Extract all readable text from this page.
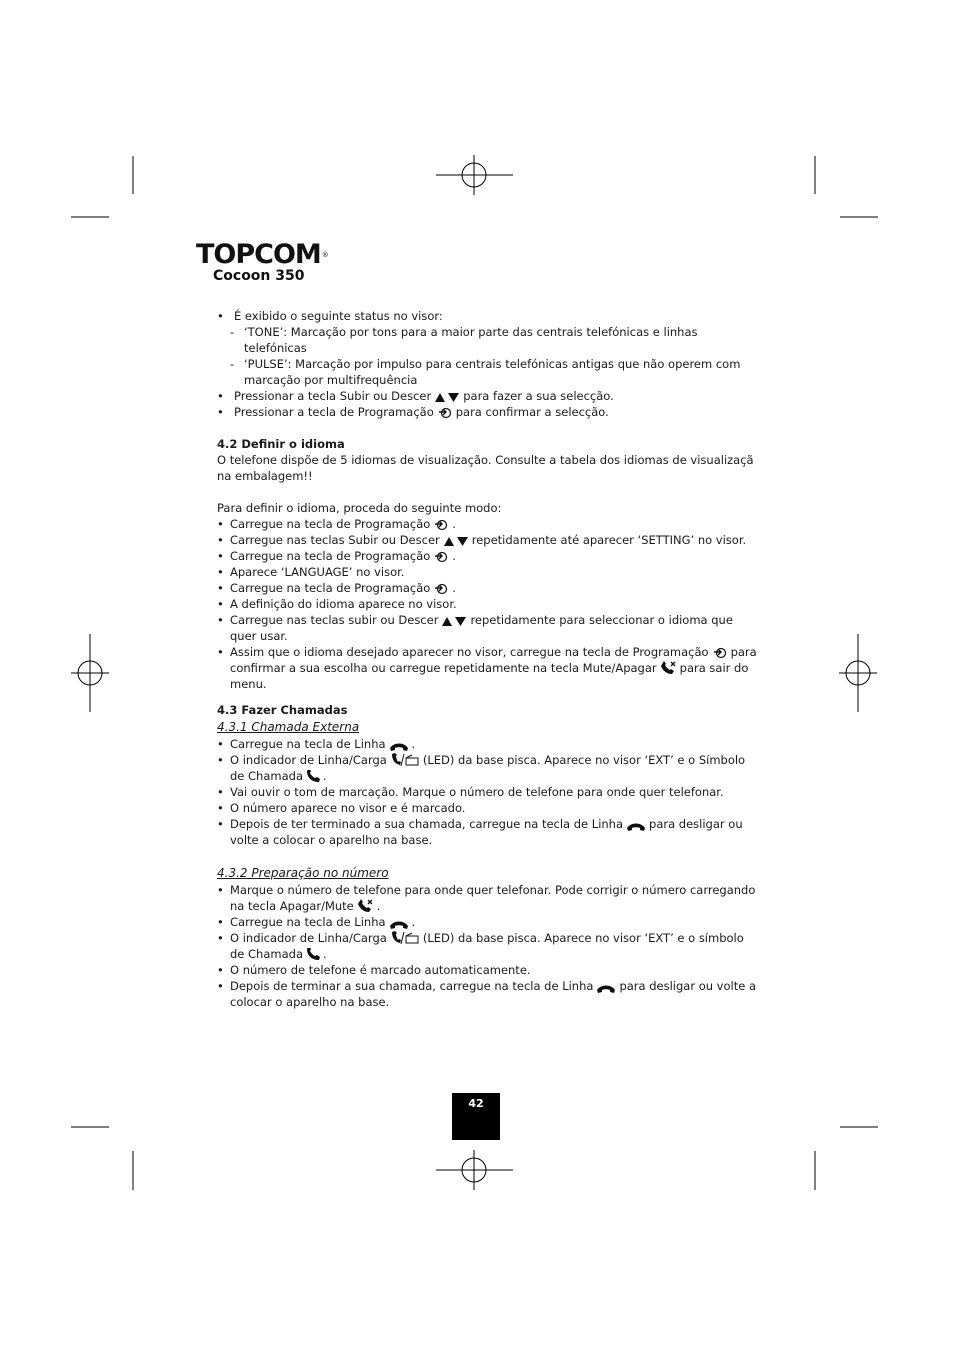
TOPCOM®
Cocoon 350
• É exibido o seguinte status no visor:
- ‘TONE’: Marcação por tons para a maior parte das centrais telefónicas e linhas telefónicas
- ‘PULSE’: Marcação por impulso para centrais telefónicas antigas que não operem com marcação por multifrequência
• Pressionar a tecla Subir ou Descer	para fazer a sua selecção.
• Pressionar a tecla de Programação para confirmar a selecção.
4.2 Definir o idioma

O telefone dispõe de 5 idiomas de visualização. Consulte a tabela dos idiomas de visualizaçã na embalagem!!

Para definir o idioma, proceda do seguinte modo:

• Carregue na tecla de Programação .
• Carregue nas teclas Subir ou Descer	repetidamente até aparecer ‘SETTING’ no visor.
• Carregue na tecla de Programação .
• Aparece ‘LANGUAGE’ no visor.
• Carregue na tecla de Programação .
• A definição do idioma aparece no visor.
• Carregue nas teclas subir ou Descer	repetidamente para seleccionar o idioma que quer usar.
• Assim que o idioma desejado aparecer no visor, carregue na tecla de Programação para confirmar a sua escolha ou carregue repetidamente na tecla Mute/Apagar para sair do menu.
4.3 Fazer Chamadas
4.3.1 Chamada Externa
• Carregue na tecla de Linha .
• O indicador de Linha/Carga	(LED) da base pisca. Aparece no visor ‘EXT’ e o Símbolo de Chamada .
• Vai ouvir o tom de marcação. Marque o número de telefone para onde quer telefonar.
• O número aparece no visor e é marcado.
• Depois de ter terminado a sua chamada, carregue na tecla de Linha para desligar ou volte a colocar o aparelho na base.
4.3.2 Preparação no número
• Marque o número de telefone para onde quer telefonar. Pode corrigir o número carregando na tecla Apagar/Mute .
• Carregue na tecla de Linha .
• O indicador de Linha/Carga	(LED) da base pisca. Aparece no visor ‘EXT’ e o símbolo de Chamada .
• O número de telefone é marcado automaticamente.
• Depois de terminar a sua chamada, carregue na tecla de Linha para desligar ou volte a colocar o aparelho na base.
42
